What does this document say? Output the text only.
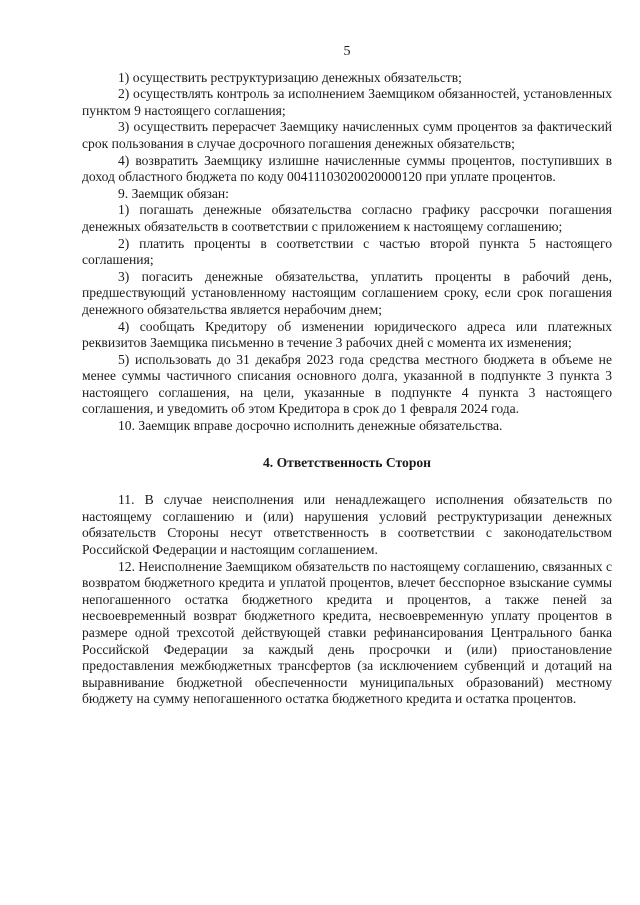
5

1) осуществить реструктуризацию денежных обязательств;

2) осуществлять контроль за исполнением Заемщиком обязанностей, установленных пунктом 9 настоящего соглашения;

3) осуществить перерасчет Заемщику начисленных сумм процентов за фактический срок пользования в случае досрочного погашения денежных обязательств;

4) возвратить Заемщику излишне начисленные суммы процентов, поступивших в доход областного бюджета по коду 00411103020020000120 при уплате процентов.

9. Заемщик обязан:

1) погашать денежные обязательства согласно графику рассрочки погашения денежных обязательств в соответствии с приложением к настоящему соглашению;

2) платить проценты в соответствии с частью второй пункта 5 настоящего соглашения;

3) погасить денежные обязательства, уплатить проценты в рабочий день, предшествующий установленному настоящим соглашением сроку, если срок погашения денежного обязательства является нерабочим днем;

4) сообщать Кредитору об изменении юридического адреса или платежных реквизитов Заемщика письменно в течение 3 рабочих дней с момента их изменения;

5) использовать до 31 декабря 2023 года средства местного бюджета в объеме не менее суммы частичного списания основного долга, указанной в подпункте 3 пункта 3 настоящего соглашения, на цели, указанные в подпункте 4 пункта 3 настоящего соглашения, и уведомить об этом Кредитора в срок до 1 февраля 2024 года.

10. Заемщик вправе досрочно исполнить денежные обязательства.

4. Ответственность Сторон

11. В случае неисполнения или ненадлежащего исполнения обязательств по настоящему соглашению и (или) нарушения условий реструктуризации денежных обязательств Стороны несут ответственность в соответствии с законодательством Российской Федерации и настоящим соглашением.

12. Неисполнение Заемщиком обязательств по настоящему соглашению, связанных с возвратом бюджетного кредита и уплатой процентов, влечет бесспорное взыскание суммы непогашенного остатка бюджетного кредита и процентов, а также пеней за несвоевременный возврат бюджетного кредита, несвоевременную уплату процентов в размере одной трехсотой действующей ставки рефинансирования Центрального банка Российской Федерации за каждый день просрочки и (или) приостановление предоставления межбюджетных трансфертов (за исключением субвенций и дотаций на выравнивание бюджетной обеспеченности муниципальных образований) местному бюджету на сумму непогашенного остатка бюджетного кредита и остатка процентов.
